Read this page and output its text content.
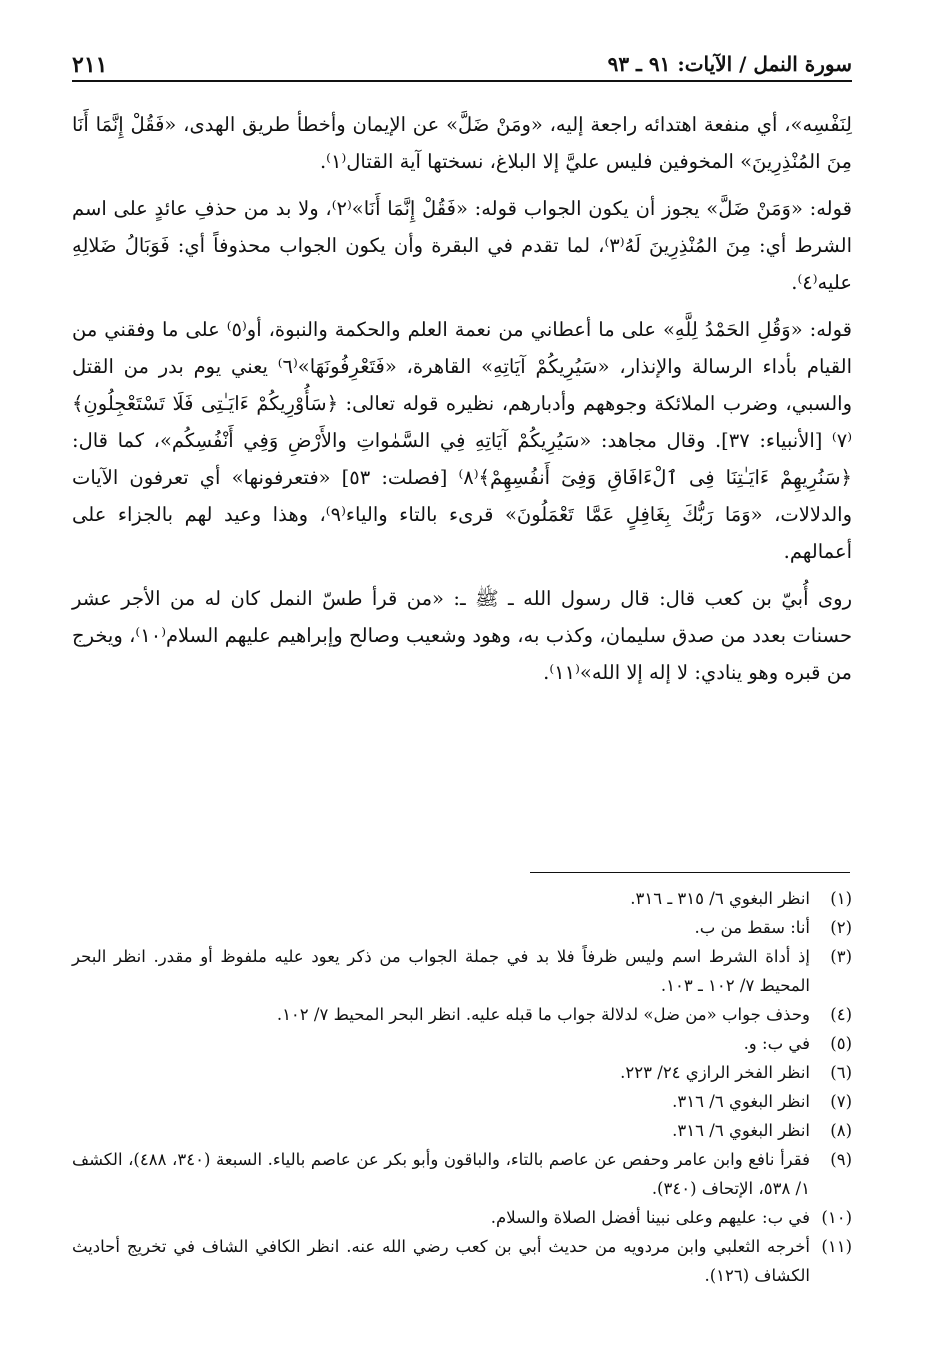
سورة النمل / الآيات: ٩١ ـ ٩٣
٢١١

لِنَفْسِه»، أي منفعة اهتدائه راجعة إليه، «ومَنْ ضَلَّ» عن الإيمان وأخطأ طريق الهدى، «فَقُلْ إِنَّمَا أَنَا مِنَ المُنْذِرِينَ» المخوفين فليس عليَّ إلا البلاغ، نسختها آية القتال⁽١⁾.

قوله: «وَمَنْ ضَلَّ» يجوز أن يكون الجواب قوله: «فَقُلْ إِنَّمَا أَنَا»⁽٢⁾، ولا بد من حذفِ عائدٍ على اسم الشرط أي: مِنَ المُنْذِرِينَ لَهُ⁽٣⁾، لما تقدم في البقرة وأن يكون الجواب محذوفاً أي: فَوَبَالُ ضَلالِهِ عليه⁽٤⁾.

قوله: «وَقُلِ الحَمْدُ لِلَّهِ» على ما أعطاني من نعمة العلم والحكمة والنبوة، أو⁽٥⁾ على ما وفقني من القيام بأداء الرسالة والإنذار، «سَيُرِيكُمْ آيَاتِهِ» القاهرة، «فَتَعْرِفُونَهَا»⁽٦⁾ يعني يوم بدر من القتل والسبي، وضرب الملائكة وجوههم وأدبارهم، نظيره قوله تعالى: ﴿سَأُوْرِيكُمْ ءَايَـٰتِى فَلَا تَسْتَعْجِلُونِ﴾⁽٧⁾ [الأنبياء: ٣٧]. وقال مجاهد: «سَيُرِيكُمْ آيَاتِهِ فِي السَّمٰواتِ والأَرْضِ وَفِي أَنْفُسِكُم»، كما قال: ﴿سَنُرِيهِمْ ءَايَـٰتِنَا فِى ٱلْءَافَاقِ وَفِىٓ أَنفُسِهِمْ﴾⁽٨⁾ [فصلت: ٥٣] «فتعرفونها» أي تعرفون الآيات والدلالات، «وَمَا رَبُّكَ بِغَافِلٍ عَمَّا تَعْمَلُونَ» قرىء بالتاء والياء⁽٩⁾، وهذا وعيد لهم بالجزاء على أعمالهم.

روى أُبيّ بن كعب قال: قال رسول الله ـ ﷺ ـ: «من قرأ طسّ النمل كان له من الأجر عشر حسنات بعدد من صدق سليمان، وكذب به، وهود وشعيب وصالح وإبراهيم عليهم السلام⁽١٠⁾، ويخرج من قبره وهو ينادي: لا إله إلا الله»⁽١١⁾.

(١)
انظر البغوي ٦/ ٣١٥ ـ ٣١٦.
(٢)
أنا: سقط من ب.
(٣)
إذ أداة الشرط اسم وليس ظرفاً فلا بد في جملة الجواب من ذكر يعود عليه ملفوظ أو مقدر. انظر البحر المحيط ٧/ ١٠٢ ـ ١٠٣.
(٤)
وحذف جواب «من ضل» لدلالة جواب ما قبله عليه. انظر البحر المحيط ٧/ ١٠٢.
(٥)
في ب: و.
(٦)
انظر الفخر الرازي ٢٤/ ٢٢٣.
(٧)
انظر البغوي ٦/ ٣١٦.
(٨)
انظر البغوي ٦/ ٣١٦.
(٩)
فقرأ نافع وابن عامر وحفص عن عاصم بالتاء، والباقون وأبو بكر عن عاصم بالياء. السبعة (٣٤٠، ٤٨٨)، الكشف ١/ ٥٣٨، الإتحاف (٣٤٠).
(١٠)
في ب: عليهم وعلى نبينا أفضل الصلاة والسلام.
(١١)
أخرجه الثعلبي وابن مردويه من حديث أبي بن كعب رضي الله عنه. انظر الكافي الشاف في تخريج أحاديث الكشاف (١٢٦).
